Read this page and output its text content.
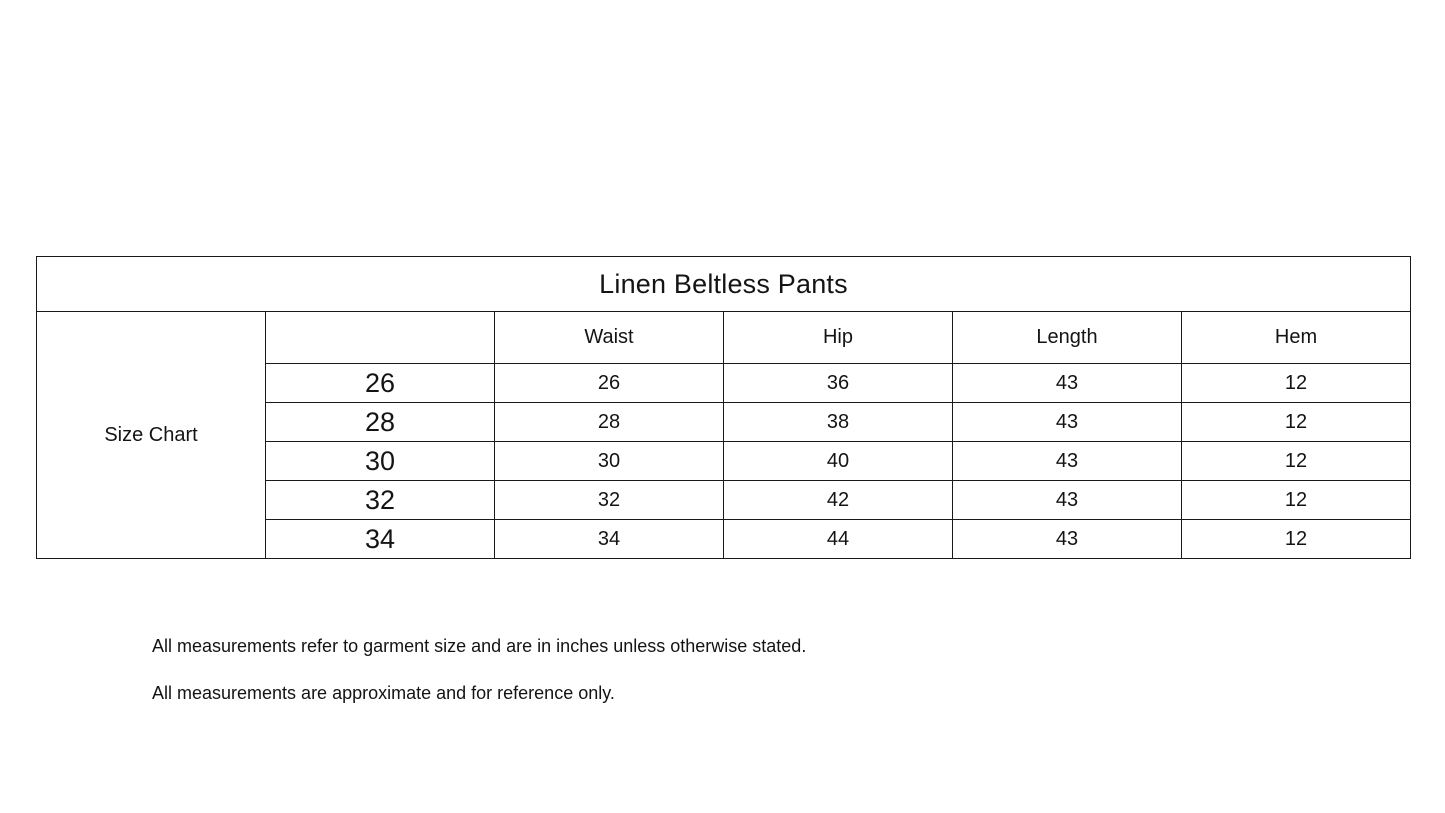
Linen Beltless Pants					
Size Chart		Waist	Hip	Length	Hem
	26	26	36	43	12
	28	28	38	43	12
	30	30	40	43	12
	32	32	42	43	12
	34	34	44	43	12

All measurements refer to garment size and are in inches unless otherwise stated.

All measurements are approximate and for reference only.
